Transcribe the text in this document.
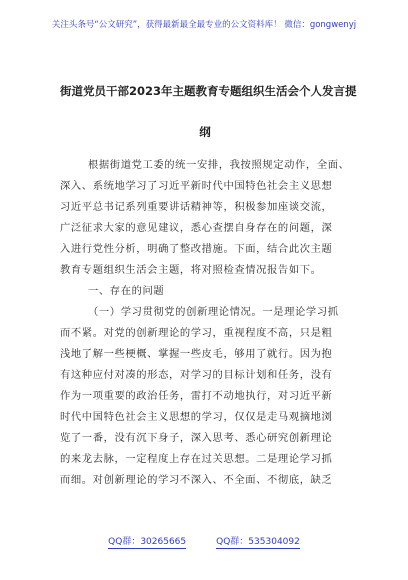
关注头条号“公文研究”，获得最新最全最专业的公文资料库！ 微信：gongwenyj
街道党员干部2023年主题教育专题组织生活会个人发言提
纲
根据街道党工委的统一安排，我按照规定动作，全面、
深入、系统地学习了习近平新时代中国特色社会主义思想
习近平总书记系列重要讲话精神等，积极参加座谈交流，
广泛征求大家的意见建议，悉心查摆自身存在的问题，深
入进行党性分析，明确了整改措施。下面，结合此次主题
教育专题组织生活会主题，将对照检查情况报告如下。
一、存在的问题
（一）学习贯彻党的创新理论情况。一是理论学习抓
而不紧。对党的创新理论的学习，重视程度不高，只是粗
浅地了解一些梗概、掌握一些皮毛，够用了就行。因为抱
有这种应付对凑的形态，对学习的目标计划和任务，没有
作为一项重要的政治任务，雷打不动地执行，对习近平新
时代中国特色社会主义思想的学习，仅仅是走马观摘地浏
览了一番，没有沉下身子，深入思考、悉心研究创新理论
的来龙去脉，一定程度上存在过关思想。二是理论学习抓
而细。对创新理论的学习不深入、不全面、不彻底，缺乏
QQ群：30265665	QQ群：535304092
